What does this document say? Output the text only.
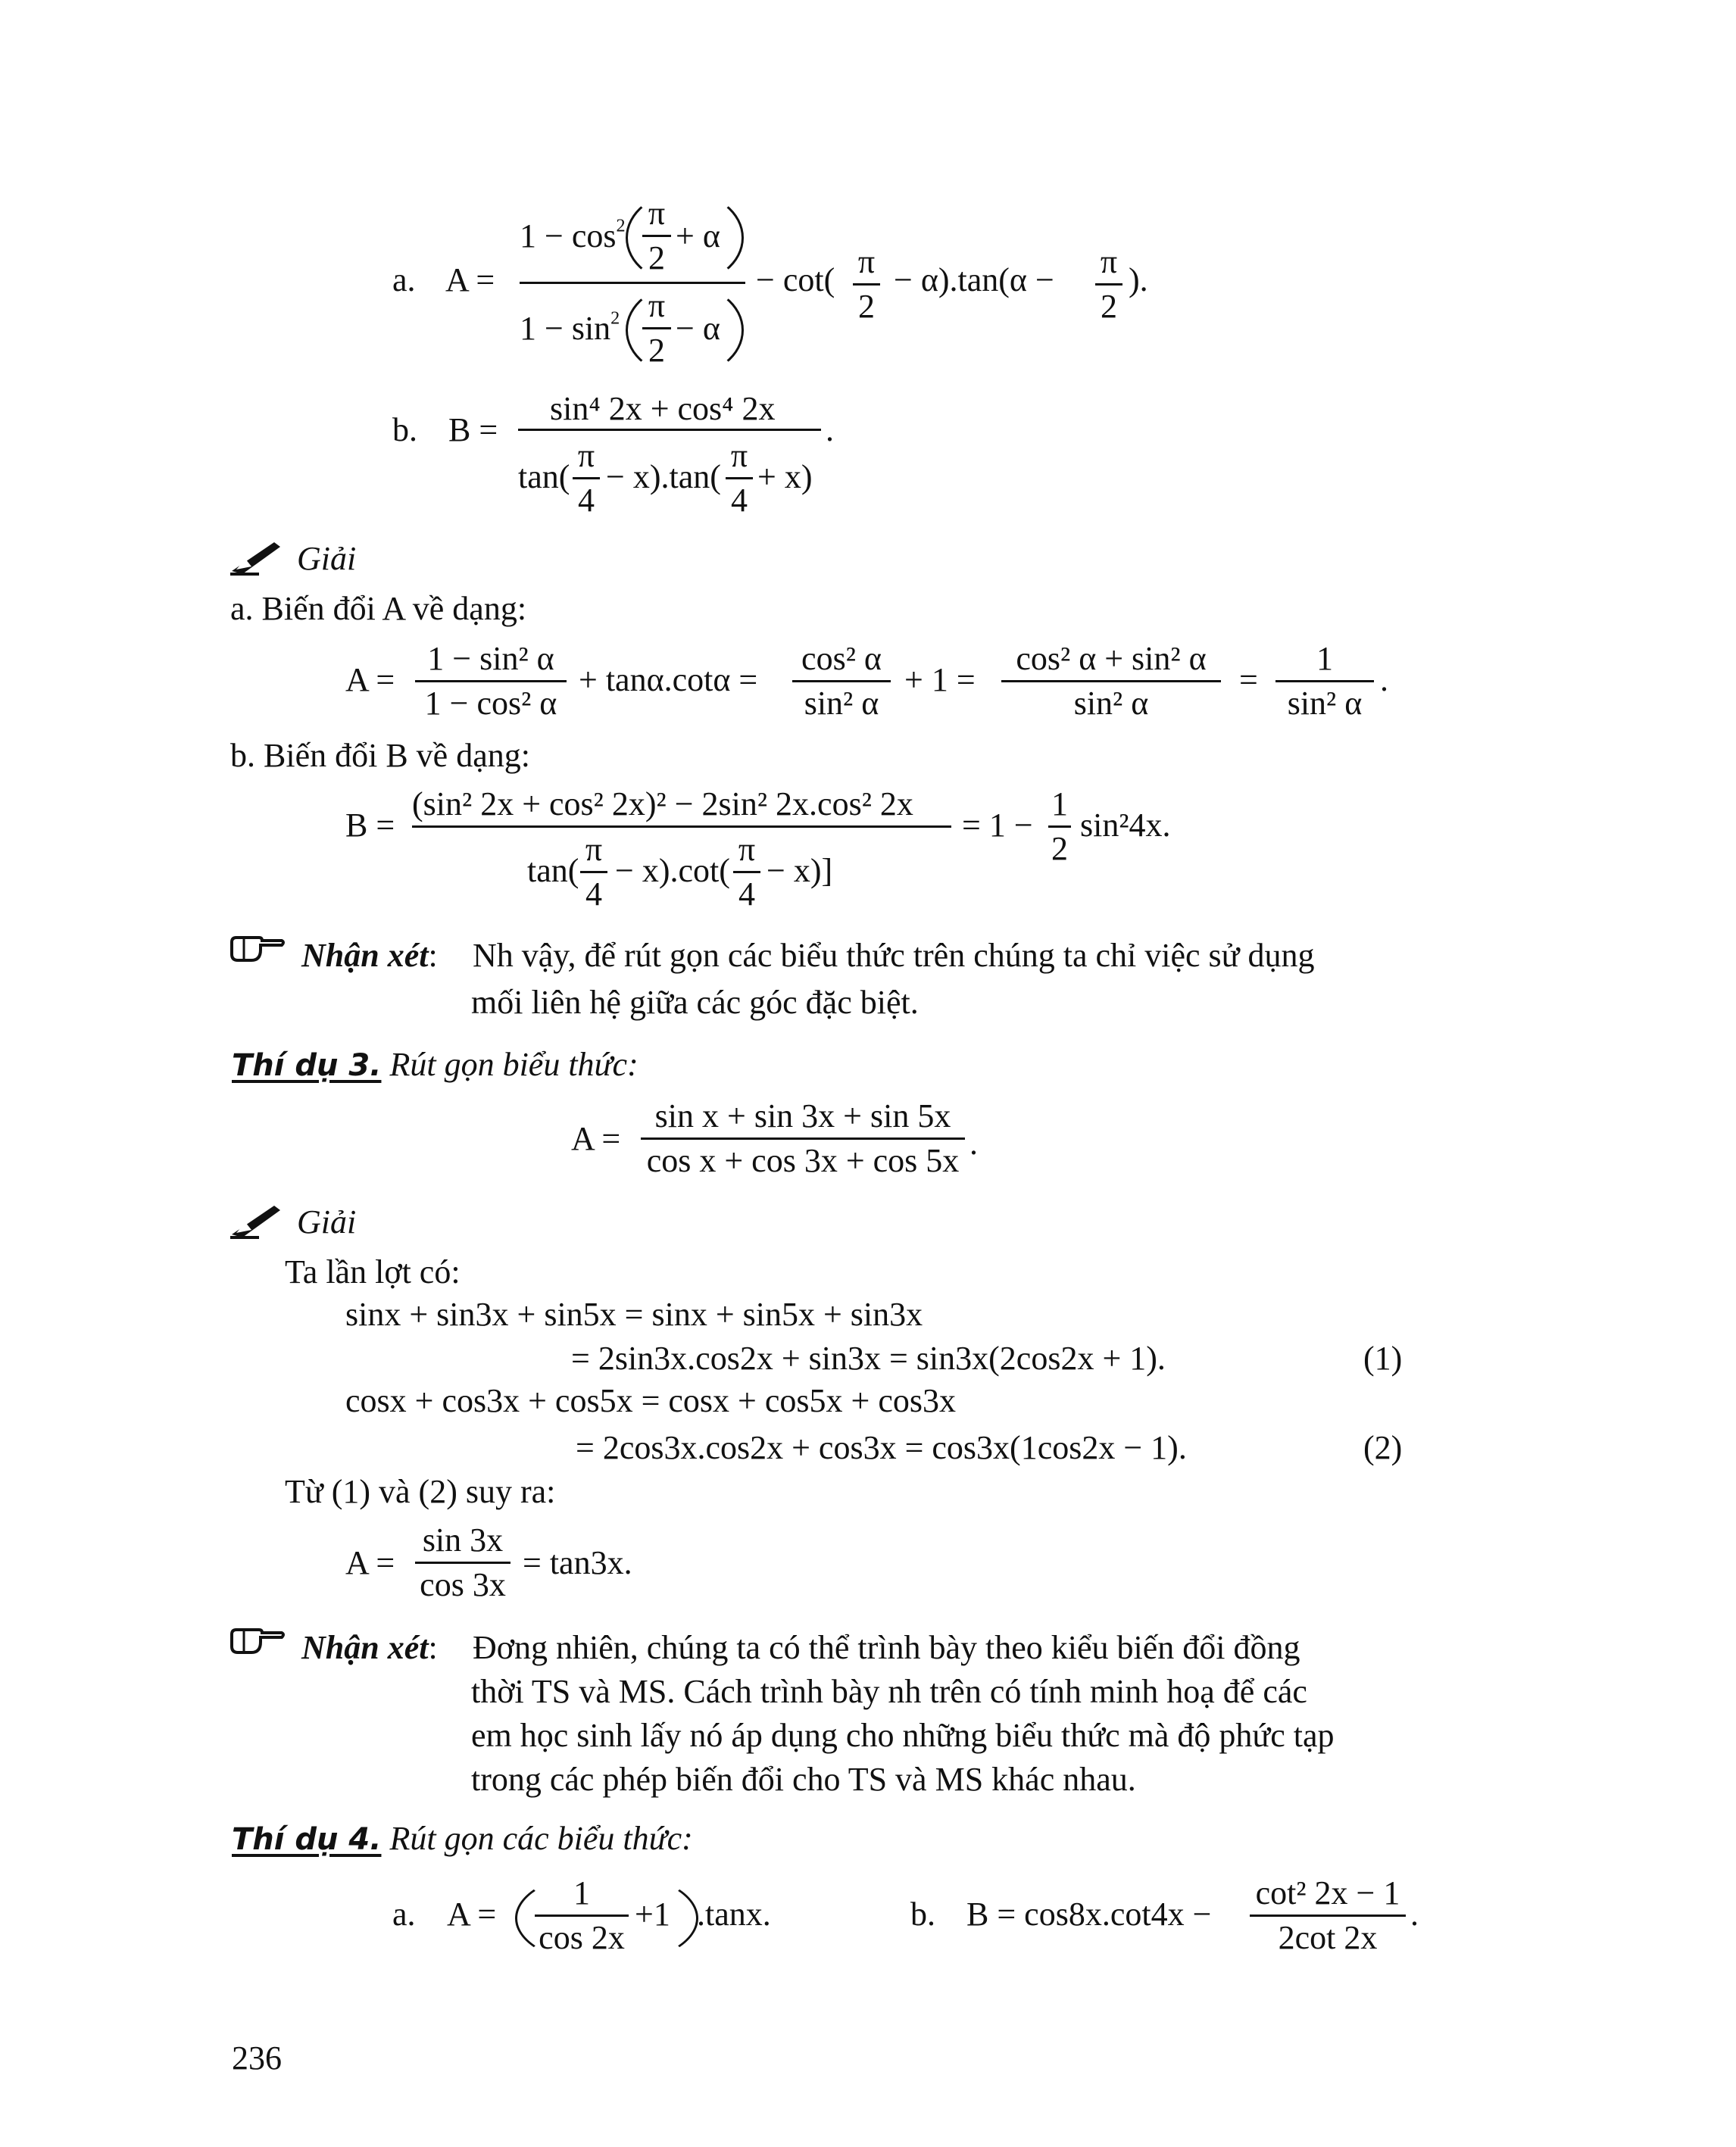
a. A =
$1 - \cos^2 \pi$
2
+ α
$1 - \sin^2 \pi$
2
− α
− cot( π
2
− α).tan(α − π
2
).
b. B =
sin⁴ 2x + cos⁴ 2x
tan(
π
4
− x).tan(
π
4
+ x)
.
Giải
a. Biến đổi A về dạng:
A =
1 − sin² α
1 − cos² α
+ tanα.cotα =
cos² α
sin² α
+ 1 =
cos² α + sin² α
sin² α
=
1
sin² α
.
b. Biến đổi B về dạng:
B =
(sin² 2x + cos² 2x)² − 2sin² 2x.cos² 2x
tan(
π
4
− x).cot(
π
4
− x)]
= 1 −
1
2
sin²4x.
Nhận xét: Nh vậy, để rút gọn các biểu thức trên chúng ta chỉ việc sử dụng
mối liên hệ giữa các góc đặc biệt.
Thí dụ 3. Rút gọn biểu thức:
A =
sin x + sin 3x + sin 5x
cos x + cos 3x + cos 5x .
Giải
Ta lần lợt có:
sinx + sin3x + sin5x = sinx + sin5x + sin3x
= 2sin3x.cos2x + sin3x = sin3x(2cos2x + 1).	(1)
cosx + cos3x + cos5x = cosx + cos5x + cos3x
= 2cos3x.cos2x + cos3x = cos3x(1cos2x − 1).	(2)
Từ (1) và (2) suy ra:
A =
sin 3x
cos 3x
= tan3x.
Nhận xét: Đơng nhiên, chúng ta có thể trình bày theo kiểu biến đổi đồng
thời TS và MS. Cách trình bày nh trên có tính minh hoạ để các
em học sinh lấy nó áp dụng cho những biểu thức mà độ phức tạp
trong các phép biến đổi cho TS và MS khác nhau.
Thí dụ 4. Rút gọn các biểu thức:
a. A =
1
cos 2x
+1 .tanx.	b. B = cos8x.cot4x −
cot² 2x − 1
2cot 2x
.
236
